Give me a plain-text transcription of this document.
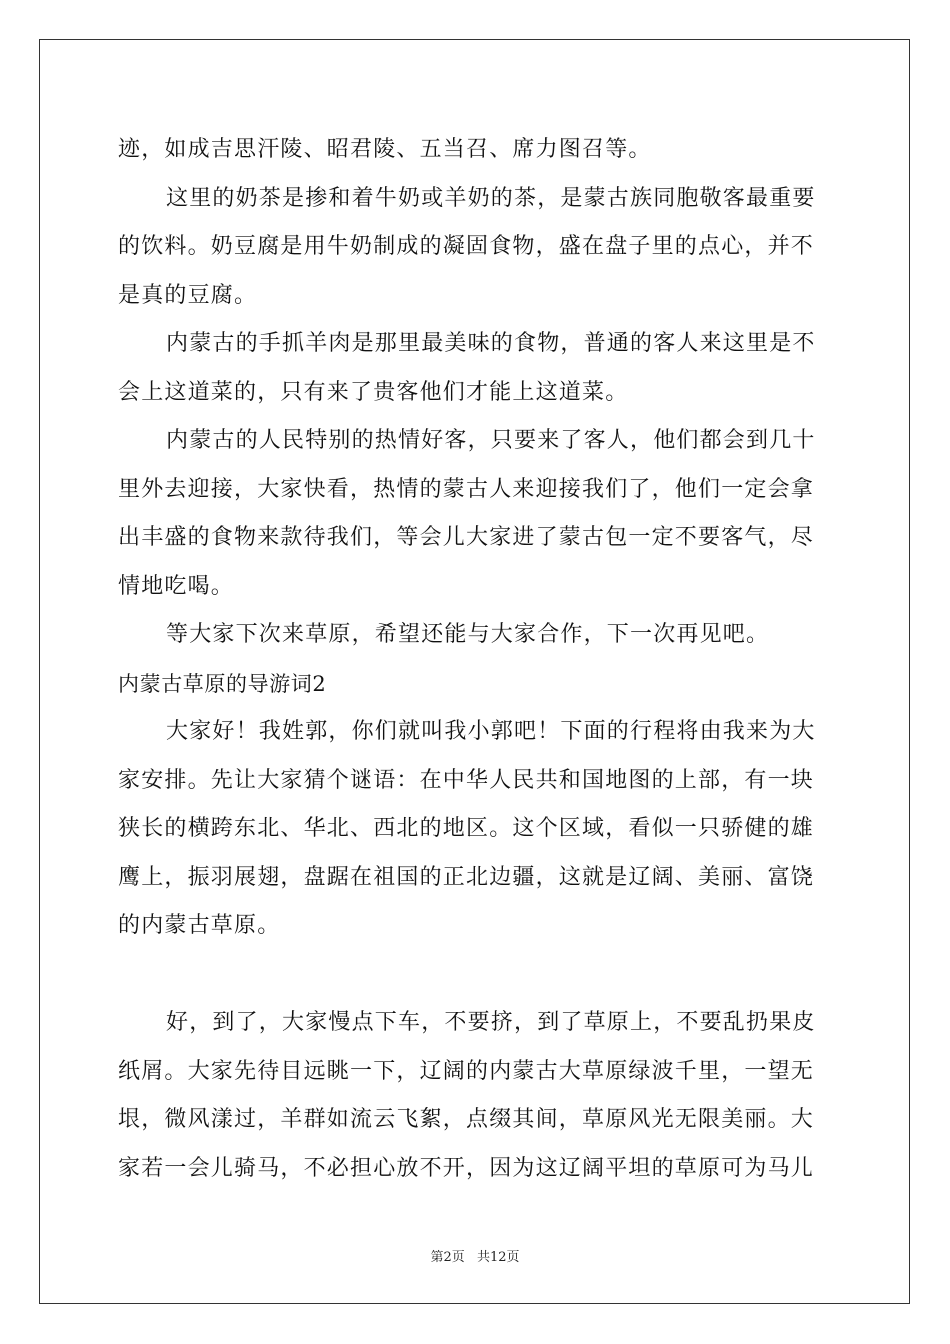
迹，如成吉思汗陵、昭君陵、五当召、席力图召等。
这里的奶茶是掺和着牛奶或羊奶的茶，是蒙古族同胞敬客最重要
的饮料。奶豆腐是用牛奶制成的凝固食物，盛在盘子里的点心，并不
是真的豆腐。
内蒙古的手抓羊肉是那里最美味的食物，普通的客人来这里是不
会上这道菜的，只有来了贵客他们才能上这道菜。
内蒙古的人民特别的热情好客，只要来了客人，他们都会到几十
里外去迎接，大家快看，热情的蒙古人来迎接我们了，他们一定会拿
出丰盛的食物来款待我们，等会儿大家进了蒙古包一定不要客气，尽
情地吃喝。
等大家下次来草原，希望还能与大家合作，下一次再见吧。
内蒙古草原的导游词2
大家好！我姓郭，你们就叫我小郭吧！下面的行程将由我来为大
家安排。先让大家猜个谜语：在中华人民共和国地图的上部，有一块
狭长的横跨东北、华北、西北的地区。这个区域，看似一只骄健的雄
鹰上，振羽展翅，盘踞在祖国的正北边疆，这就是辽阔、美丽、富饶
的内蒙古草原。
好，到了，大家慢点下车，不要挤，到了草原上，不要乱扔果皮
纸屑。大家先待目远眺一下，辽阔的内蒙古大草原绿波千里，一望无
垠，微风漾过，羊群如流云飞絮，点缀其间，草原风光无限美丽。大
家若一会儿骑马，不必担心放不开，因为这辽阔平坦的草原可为马儿
第2页 共12页
